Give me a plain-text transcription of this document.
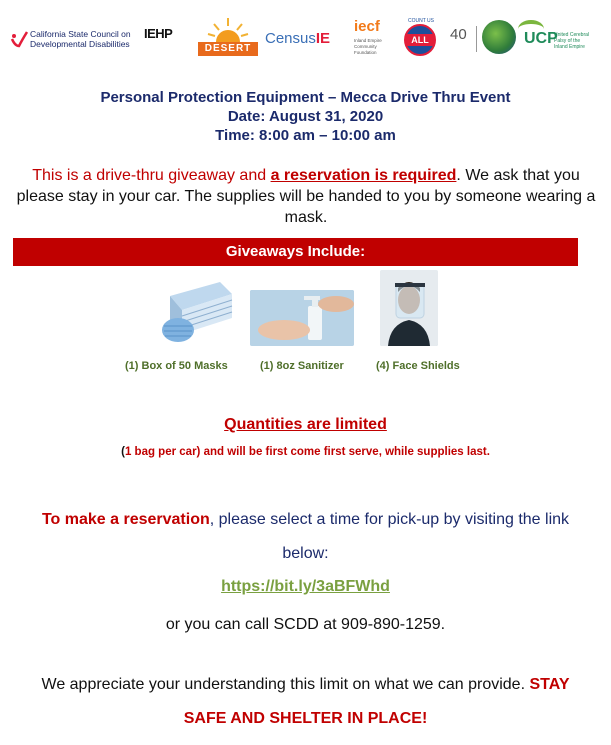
California State Council on
Developmental Disabilities
IEHP
DESERT
CensusIE
iecf
Inland Empire Community Foundation
COUNT US
ALL	40	UCP
United Cerebral Palsy of the Inland Empire
Personal Protection Equipment – Mecca Drive Thru Event
Date: August 31, 2020
Time: 8:00 am – 10:00 am
This is a drive-thru giveaway and a reservation is required. We ask that you please stay in your car. The supplies will be handed to you by someone wearing a mask.
Giveaways Include:
(1) Box of 50 Masks	(1) 8oz Sanitizer	(4) Face Shields
Quantities are limited
(1 bag per car) and will be first come first serve, while supplies last.
To make a reservation, please select a time for pick-up by visiting the link below:
https://bit.ly/3aBFWhd
or you can call SCDD at 909-890-1259.
We appreciate your understanding this limit on what we can provide. STAY SAFE AND SHELTER IN PLACE!
